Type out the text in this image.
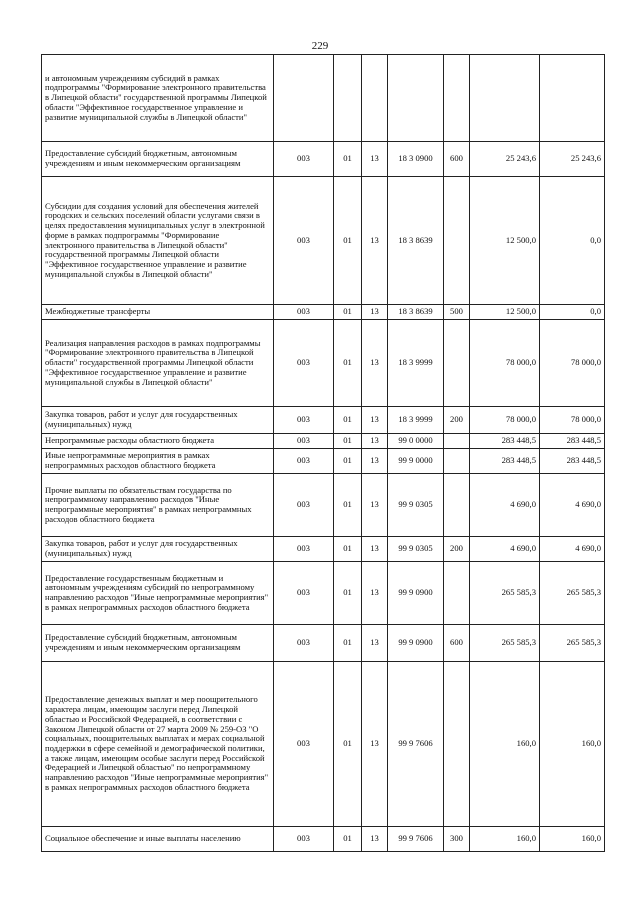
229
и автономным учреждениям субсидий в рамках подпрограммы "Формирование электронного правительства в Липецкой области" государственной программы Липецкой области "Эффективное государственное управление и развитие муниципальной службы в Липецкой области"							
Предоставление субсидий бюджетным, автономным учреждениям и иным некоммерческим организациям	003	01	13	18 3 0900	600	25 243,6	25 243,6
Субсидии для создания условий для обеспечения жителей городских и сельских поселений области услугами связи в целях предоставления муниципальных услуг в электронной форме в рамках подпрограммы "Формирование электронного правительства в Липецкой области" государственной программы Липецкой области "Эффективное государственное управление и развитие муниципальной службы в Липецкой области"	003	01	13	18 3 8639		12 500,0	0,0
Межбюджетные трансферты	003	01	13	18 3 8639	500	12 500,0	0,0
Реализация направления расходов в рамках подпрограммы "Формирование электронного правительства в Липецкой области" государственной программы Липецкой области "Эффективное государственное управление и развитие муниципальной службы в Липецкой области"	003	01	13	18 3 9999		78 000,0	78 000,0
Закупка товаров, работ и услуг для государственных (муниципальных) нужд	003	01	13	18 3 9999	200	78 000,0	78 000,0
Непрограммные расходы областного бюджета	003	01	13	99 0 0000		283 448,5	283 448,5
Иные непрограммные мероприятия в рамках непрограммных расходов областного бюджета	003	01	13	99 9 0000		283 448,5	283 448,5
Прочие выплаты по обязательствам государства по непрограммному направлению расходов "Иные непрограммные мероприятия" в рамках непрограммных расходов областного бюджета	003	01	13	99 9 0305		4 690,0	4 690,0
Закупка товаров, работ и услуг для государственных (муниципальных) нужд	003	01	13	99 9 0305	200	4 690,0	4 690,0
Предоставление государственным бюджетным и автономным учреждениям субсидий по непрограммному направлению расходов "Иные непрограммные мероприятия" в рамках непрограммных расходов областного бюджета	003	01	13	99 9 0900		265 585,3	265 585,3
Предоставление субсидий бюджетным, автономным учреждениям и иным некоммерческим организациям	003	01	13	99 9 0900	600	265 585,3	265 585,3
Предоставление денежных выплат и мер поощрительного характера лицам, имеющим заслуги перед Липецкой областью и Российской Федерацией, в соответствии с Законом Липецкой области от 27 марта 2009 № 259-ОЗ "О социальных, поощрительных выплатах и мерах социальной поддержки в сфере семейной и демографической политики, а также лицам, имеющим особые заслуги перед Российской Федерацией и Липецкой областью" по непрограммному направлению расходов "Иные непрограммные мероприятия" в рамках непрограммных расходов областного бюджета	003	01	13	99 9 7606		160,0	160,0
Социальное обеспечение и иные выплаты населению	003	01	13	99 9 7606	300	160,0	160,0
